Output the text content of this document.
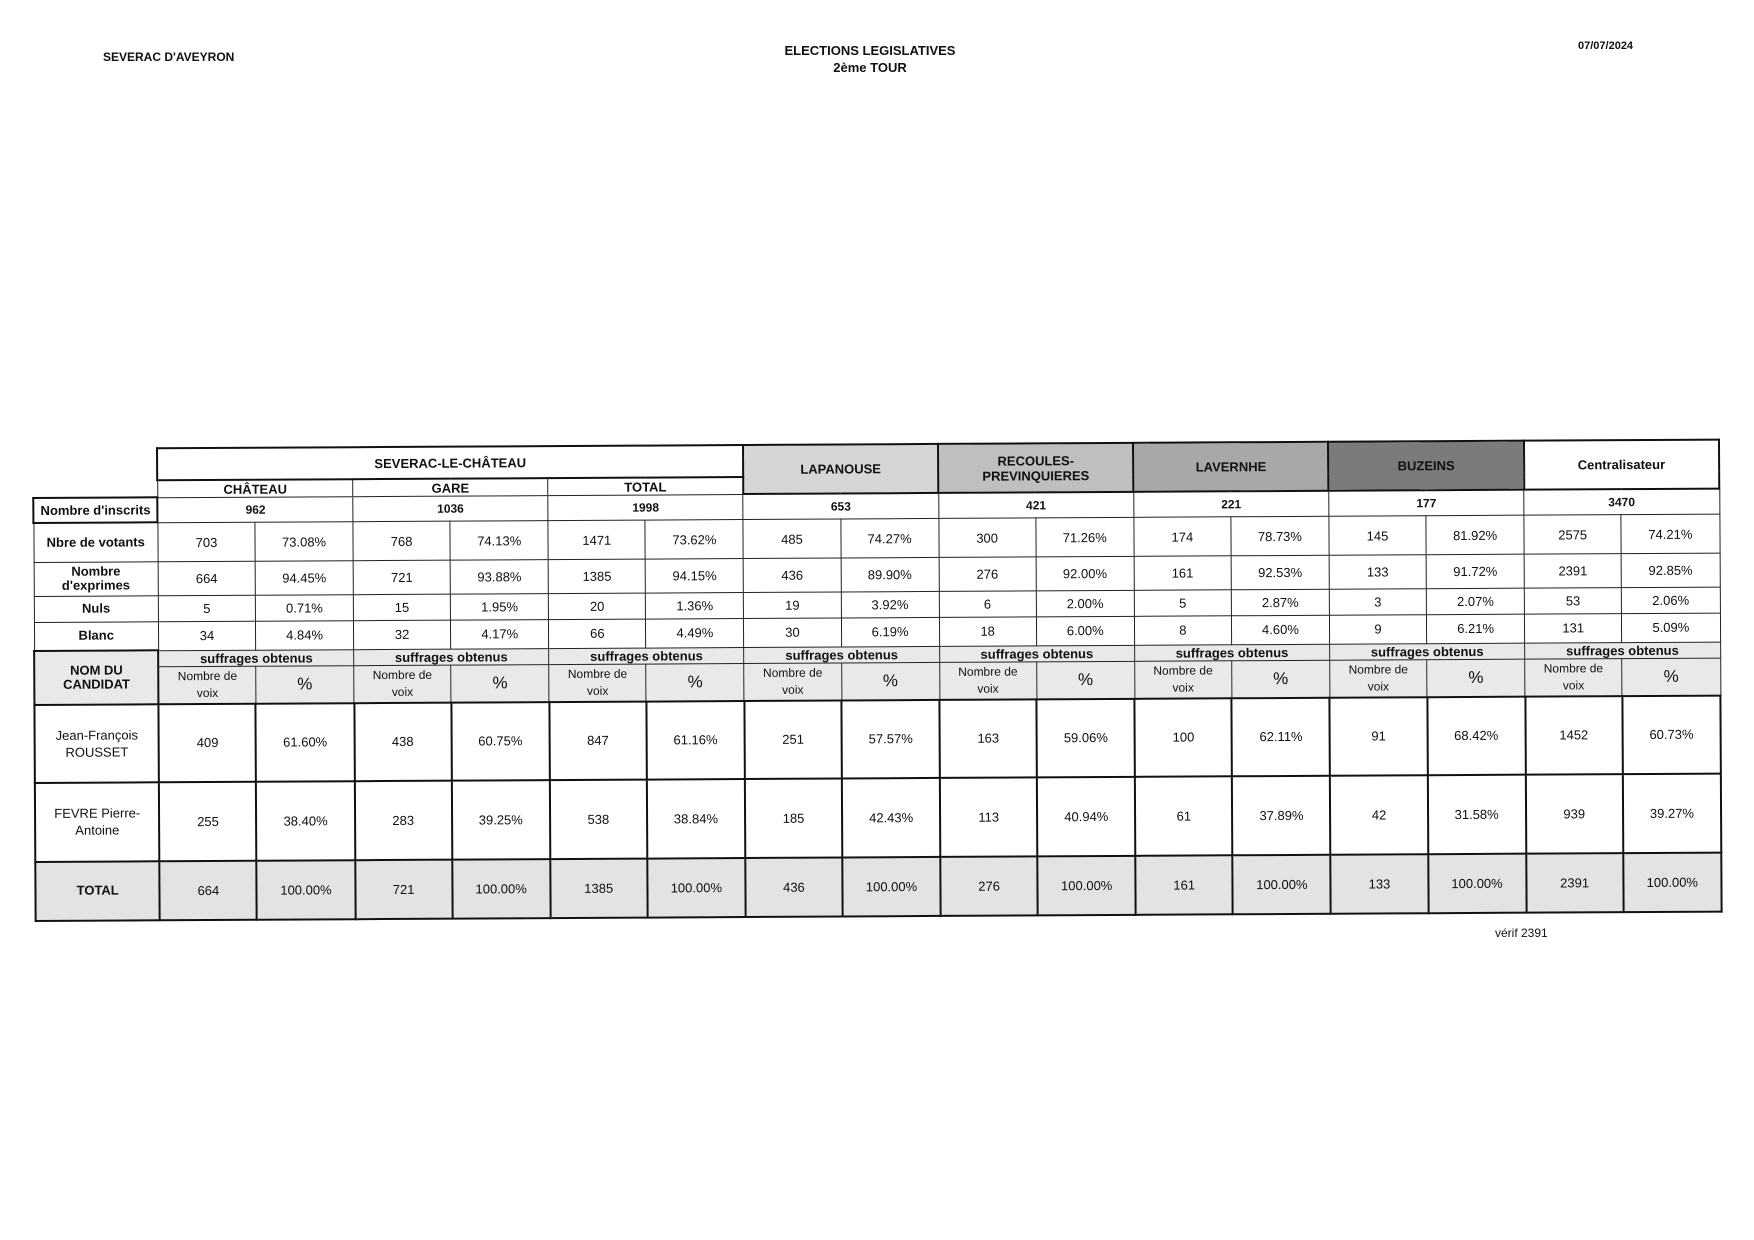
SEVERAC D'AVEYRON	ELECTIONS LEGISLATIVES
2ème TOUR
07/07/2024
	SEVERAC-LE-CHÂTEAU						LAPANOUSE		RECOULES-PREVINQUIERES		LAVERNHE		BUZEINS		Centralisateur	
	CHÂTEAU		GARE		TOTAL											
Nombre d'inscrits	962		1036		1998		653		421		221		177		3470	
Nbre de votants	703	73.08%	768	74.13%	1471	73.62%	485	74.27%	300	71.26%	174	78.73%	145	81.92%	2575	74.21%

Nombre d'exprimes	664	94.45%	721	93.88%	1385	94.15%	436	89.90%	276	92.00%	161	92.53%	133	91.72%	2391	92.85%
Nuls	5	0.71%	15	1.95%	20	1.36%	19	3.92%	6	2.00%	5	2.87%	3	2.07%	53	2.06%
Blanc	34	4.84%	32	4.17%	66	4.49%	30	6.19%	18	6.00%	8	4.60%	9	6.21%	131	5.09%

NOM DU CANDIDAT	suffrages obtenus		suffrages obtenus		suffrages obtenus		suffrages obtenus		suffrages obtenus		suffrages obtenus		suffrages obtenus		suffrages obtenus	

	Nombre de voix	%	Nombre de voix	%	Nombre de voix	%	Nombre de voix	%	Nombre de voix	%	Nombre de voix	%	Nombre de voix	%	Nombre de voix	%

Jean-François
ROUSSET	409	61.60%	438	60.75%	847	61.16%	251	57.57%	163	59.06%	100	62.11%	91	68.42%	1452	60.73%

FEVRE Pierre-
Antoine	255	38.40%	283	39.25%	538	38.84%	185	42.43%	113	40.94%	61	37.89%	42	31.58%	939	39.27%
TOTAL	664	100.00%	721	100.00%	1385	100.00%	436	100.00%	276	100.00%	161	100.00%	133	100.00%	2391	100.00%
vérif 2391
